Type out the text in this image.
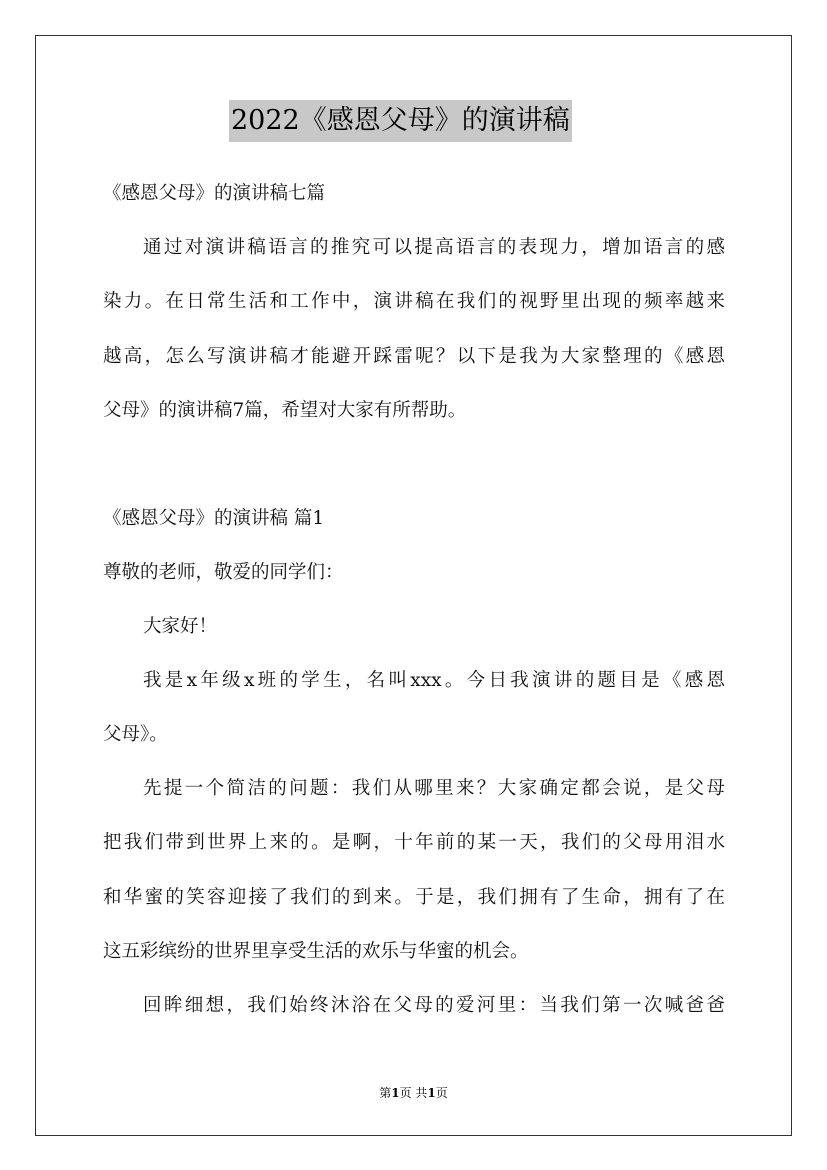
2022《感恩父母》的演讲稿
《感恩父母》的演讲稿七篇
通过对演讲稿语言的推究可以提高语言的表现力，增加语言的感
染力。在日常生活和工作中，演讲稿在我们的视野里出现的频率越来
越高，怎么写演讲稿才能避开踩雷呢？以下是我为大家整理的《感恩
父母》的演讲稿7篇，希望对大家有所帮助。
《感恩父母》的演讲稿 篇1
尊敬的老师，敬爱的同学们：
大家好！
我是x年级x班的学生，名叫xxx。今日我演讲的题目是《感恩
父母》。
先提一个简洁的问题：我们从哪里来？大家确定都会说，是父母
把我们带到世界上来的。是啊，十年前的某一天，我们的父母用泪水
和华蜜的笑容迎接了我们的到来。于是，我们拥有了生命，拥有了在
这五彩缤纷的世界里享受生活的欢乐与华蜜的机会。
回眸细想，我们始终沐浴在父母的爱河里：当我们第一次喊爸爸
第1页 共1页
